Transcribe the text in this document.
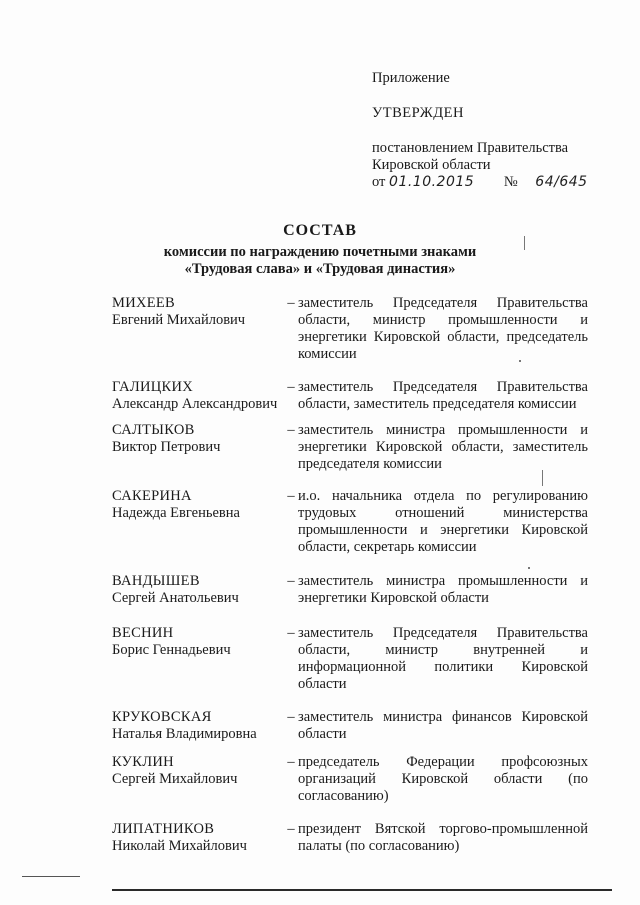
Приложение

УТВЕРЖДЕН

постановлением Правительства

Кировской области

от 01.10.2015 № 64/645

СОСТАВ

комиссии по награждению почетными знаками

«Трудовая слава» и «Трудовая династия»

МИХЕЕВ
Евгений Михайлович
– заместитель Председателя Правительства области, министр промышленности и энергетики Кировской области, председатель комиссии
ГАЛИЦКИХ
Александр Александрович
– заместитель Председателя Правительства области, заместитель председателя комиссии
САЛТЫКОВ
Виктор Петрович
– заместитель министра промышленности и энергетики Кировской области, заместитель председателя комиссии
САКЕРИНА
Надежда Евгеньевна
– и.о. начальника отдела по регулированию трудовых отношений министерства промышленности и энергетики Кировской области, секретарь комиссии
ВАНДЫШЕВ
Сергей Анатольевич
– заместитель министра промышленности и энергетики Кировской области
ВЕСНИН
Борис Геннадьевич
– заместитель Председателя Правительства области, министр внутренней и информационной политики Кировской области
КРУКОВСКАЯ
Наталья Владимировна
– заместитель министра финансов Кировской области
КУКЛИН
Сергей Михайлович
– председатель Федерации профсоюзных организаций Кировской области (по согласованию)
ЛИПАТНИКОВ
Николай Михайлович
– президент Вятской торгово-промышленной палаты (по согласованию)
